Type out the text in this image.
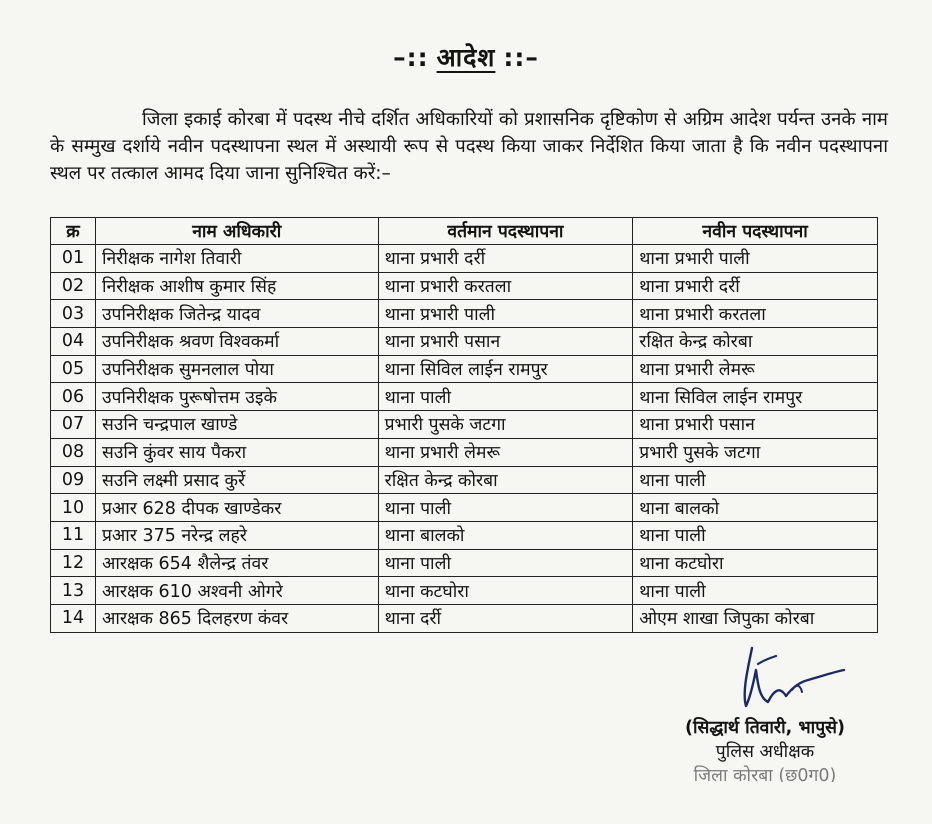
–:: आदेश ::–
जिला इकाई कोरबा में पदस्थ नीचे दर्शित अधिकारियों को प्रशासनिक दृष्टिकोण से अग्रिम आदेश पर्यन्त उनके नाम के सम्मुख दर्शाये नवीन पदस्थापना स्थल में अस्थायी रूप से पदस्थ किया जाकर निर्देशित किया जाता है कि नवीन पदस्थापना स्थल पर तत्काल आमद दिया जाना सुनिश्चित करें:–
क्र	नाम अधिकारी	वर्तमान पदस्थापना	नवीन पदस्थापना
01	निरीक्षक नागेश तिवारी	थाना प्रभारी दर्री	थाना प्रभारी पाली
02	निरीक्षक आशीष कुमार सिंह	थाना प्रभारी करतला	थाना प्रभारी दर्री
03	उपनिरीक्षक जितेन्द्र यादव	थाना प्रभारी पाली	थाना प्रभारी करतला
04	उपनिरीक्षक श्रवण विश्वकर्मा	थाना प्रभारी पसान	रक्षित केन्द्र कोरबा
05	उपनिरीक्षक सुमनलाल पोया	थाना सिविल लाईन रामपुर	थाना प्रभारी लेमरू
06	उपनिरीक्षक पुरूषोत्तम उइके	थाना पाली	थाना सिविल लाईन रामपुर
07	सउनि चन्द्रपाल खाण्डे	प्रभारी पुसके जटगा	थाना प्रभारी पसान
08	सउनि कुंवर साय पैकरा	थाना प्रभारी लेमरू	प्रभारी पुसके जटगा
09	सउनि लक्ष्मी प्रसाद कुर्रे	रक्षित केन्द्र कोरबा	थाना पाली
10	प्रआर 628 दीपक खाण्डेकर	थाना पाली	थाना बालको
11	प्रआर 375 नरेन्द्र लहरे	थाना बालको	थाना पाली
12	आरक्षक 654 शैलेन्द्र तंवर	थाना पाली	थाना कटघोरा
13	आरक्षक 610 अश्वनी ओगरे	थाना कटघोरा	थाना पाली
14	आरक्षक 865 दिलहरण कंवर	थाना दर्री	ओएम शाखा जिपुका कोरबा
(सिद्धार्थ तिवारी, भापुसे)
पुलिस अधीक्षक
जिला कोरबा (छ0ग0)
